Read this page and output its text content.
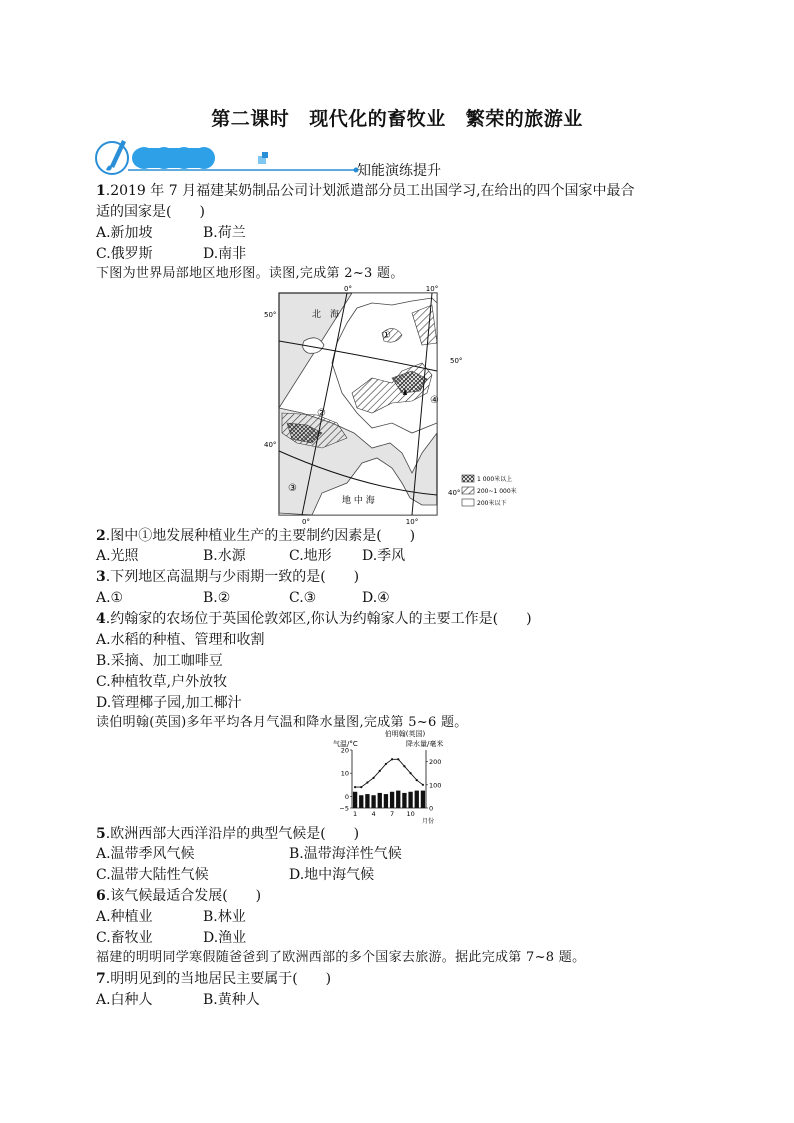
第二课时 现代化的畜牧业 繁荣的旅游业
知能演练提升
1.2019 年 7 月福建某奶制品公司计划派遣部分员工出国学习,在给出的四个国家中最合
适的国家是(　　)
A.新加坡	B.荷兰
C.俄罗斯	D.南非
下图为世界局部地区地形图。读图,完成第 2~3 题。
0°	10°
0°	10°
50°
40°
50°
40°
北　海
地 中 海
①
②
③
④
1 000米以上
200~1 000米
200米以下
2.图中①地发展种植业生产的主要制约因素是(　　)
A.光照	B.水源	C.地形 D.季风
3.下列地区高温期与少雨期一致的是(　　)
A.①	B.②	C.③	D.④
4.约翰家的农场位于英国伦敦郊区,你认为约翰家人的主要工作是(　　)
A.水稻的种植、管理和收割
B.采摘、加工咖啡豆
C.种植牧草,户外放牧
D.管理椰子园,加工椰汁
读伯明翰(英国)多年平均各月气温和降水量图,完成第 5~6 题。
伯明翰(英国)
气温/°C	降水量/毫米
20
10
0
−5
200
100
0
1 4 7 10
月份
5.欧洲西部大西洋沿岸的典型气候是(　　)
A.温带季风气候	B.温带海洋性气候
C.温带大陆性气候	D.地中海气候
6.该气候最适合发展(　　)
A.种植业	B.林业
C.畜牧业	D.渔业
福建的明明同学寒假随爸爸到了欧洲西部的多个国家去旅游。据此完成第 7~8 题。
7.明明见到的当地居民主要属于(　　)
A.白种人	B.黄种人
